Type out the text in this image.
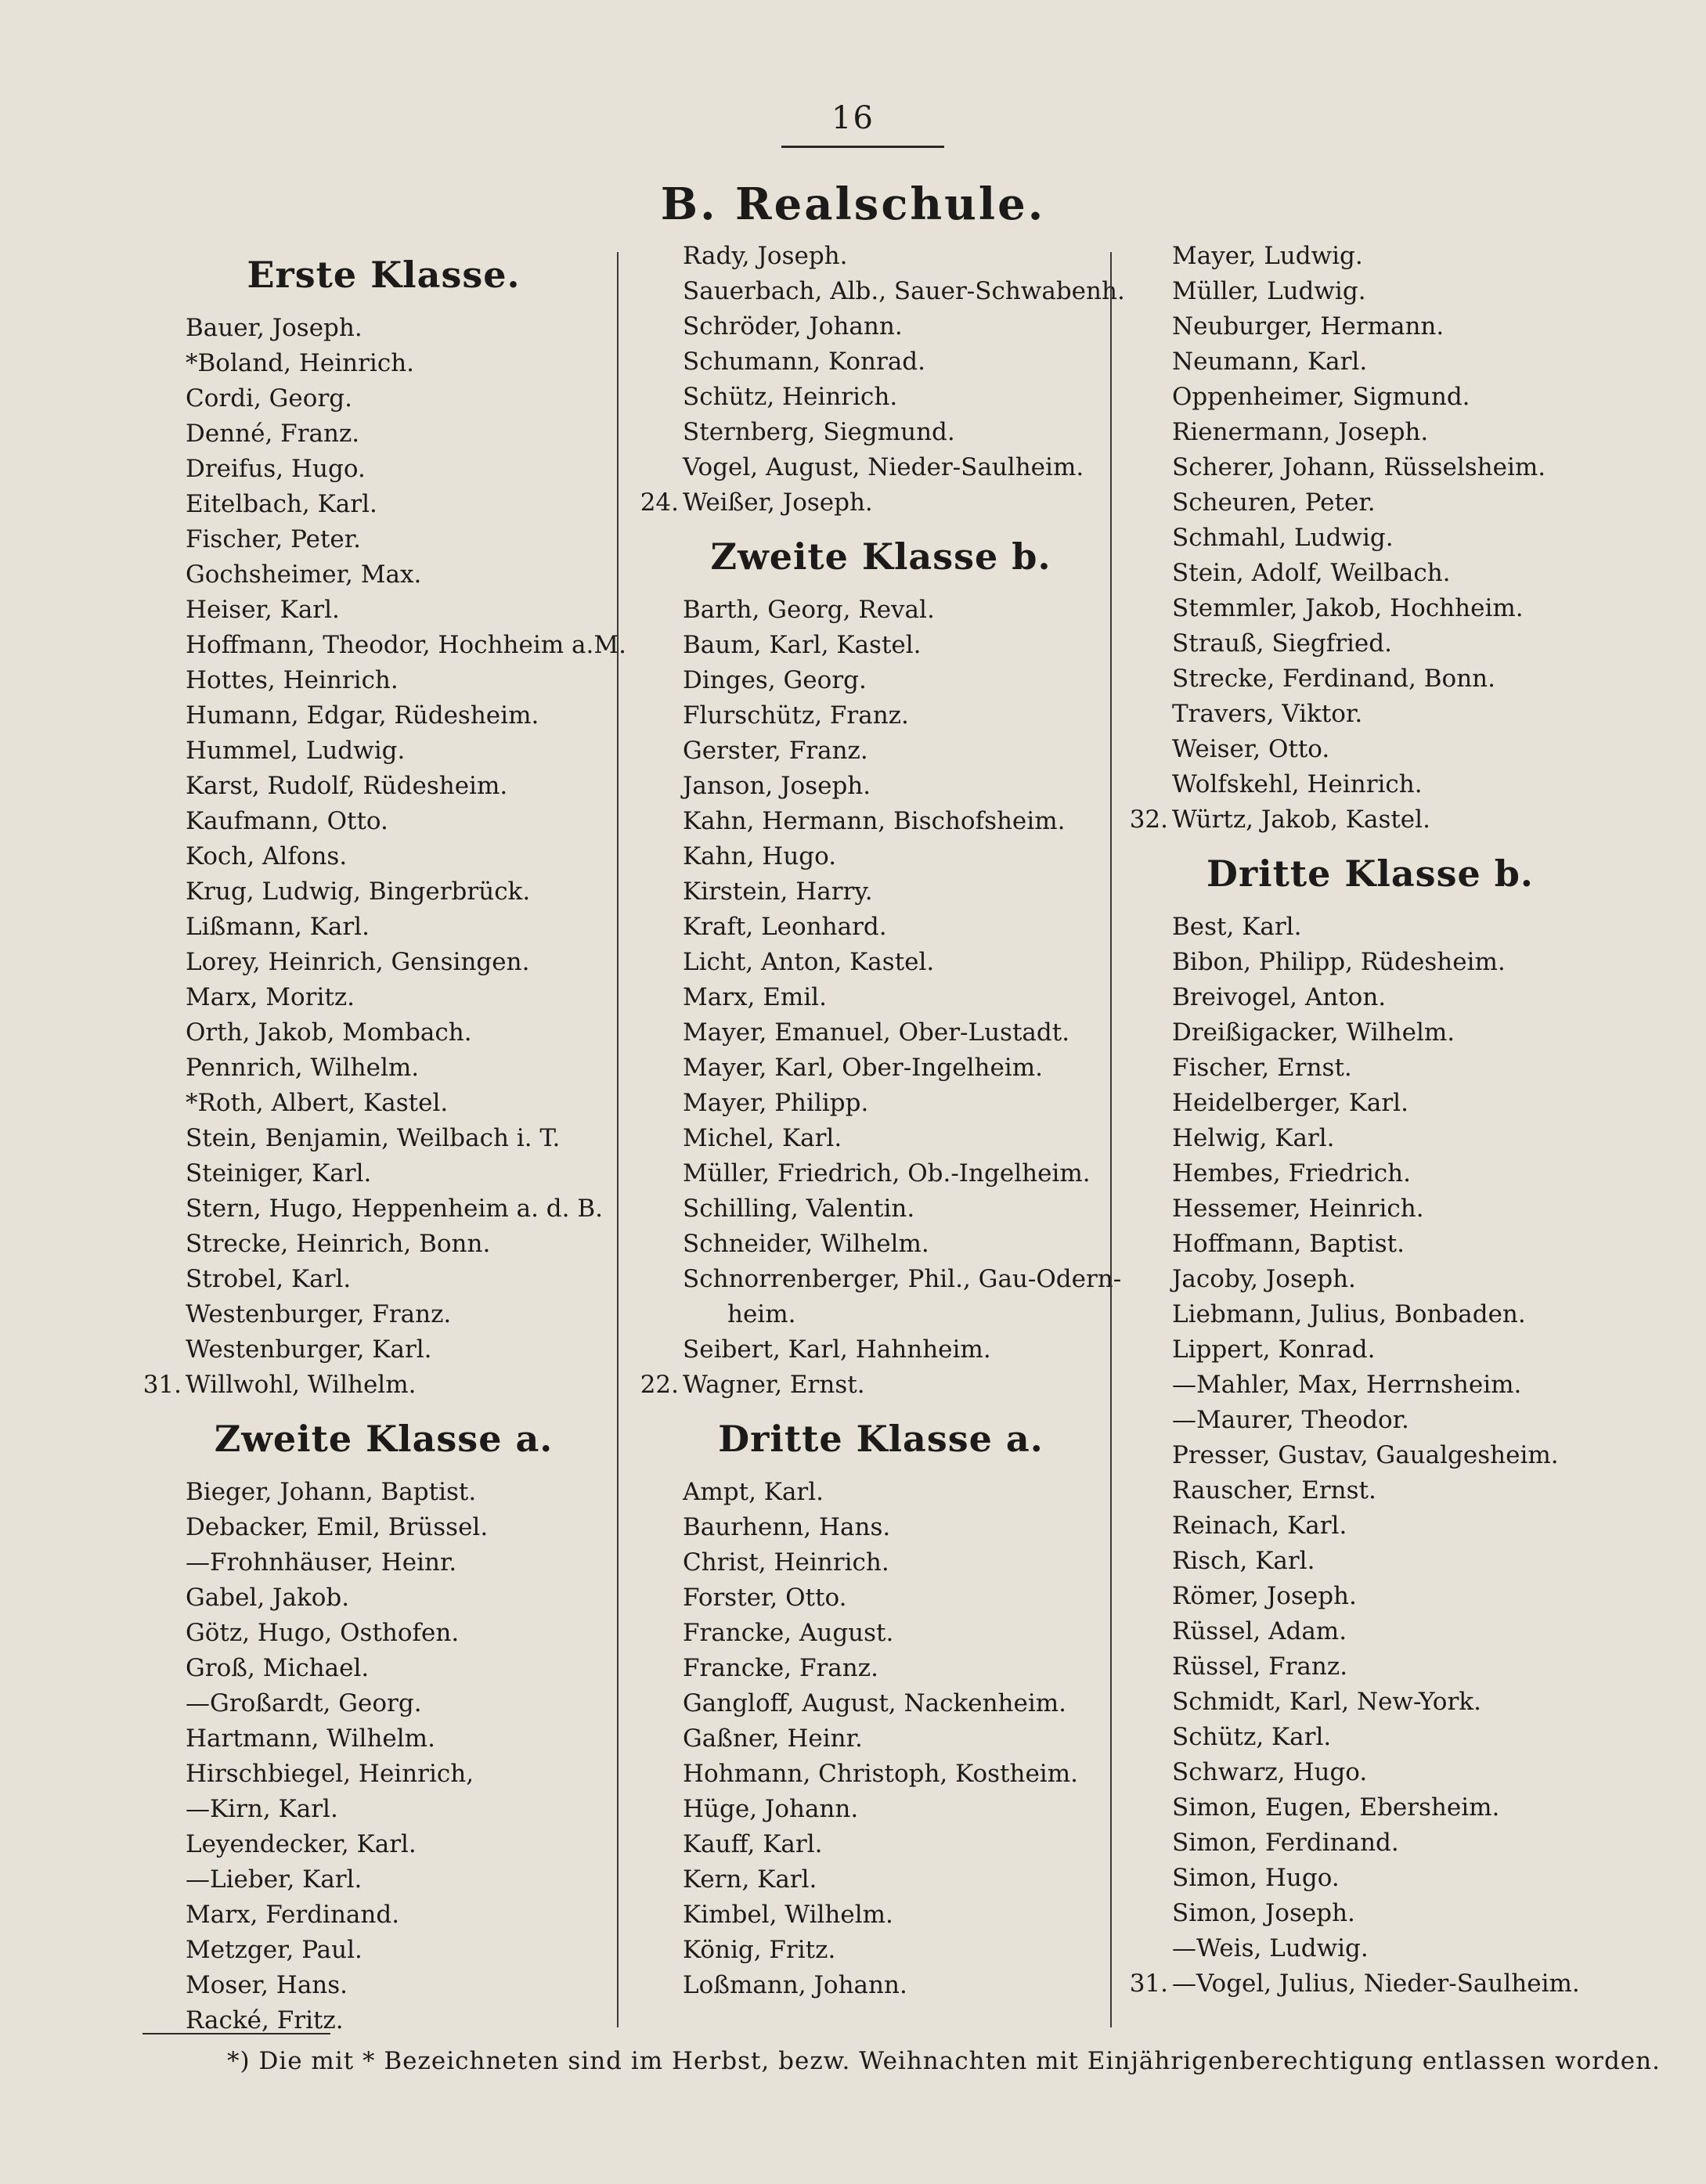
16
B. Realschule.
Erste Klasse.
Bauer, Joseph.
*Boland, Heinrich.
Cordi, Georg.
Denné, Franz.
Dreifus, Hugo.
Eitelbach, Karl.
Fischer, Peter.
Gochsheimer, Max.
Heiser, Karl.
Hoffmann, Theodor, Hochheim a.M.
Hottes, Heinrich.
Humann, Edgar, Rüdesheim.
Hummel, Ludwig.
Karst, Rudolf, Rüdesheim.
Kaufmann, Otto.
Koch, Alfons.
Krug, Ludwig, Bingerbrück.
Lißmann, Karl.
Lorey, Heinrich, Gensingen.
Marx, Moritz.
Orth, Jakob, Mombach.
Pennrich, Wilhelm.
*Roth, Albert, Kastel.
Stein, Benjamin, Weilbach i. T.
Steiniger, Karl.
Stern, Hugo, Heppenheim a. d. B.
Strecke, Heinrich, Bonn.
Strobel, Karl.
Westenburger, Franz.
Westenburger, Karl.
31. Willwohl, Wilhelm.
Zweite Klasse a.
Bieger, Johann, Baptist.
Debacker, Emil, Brüssel.
—Frohnhäuser, Heinr.
Gabel, Jakob.
Götz, Hugo, Osthofen.
Groß, Michael.
—Großardt, Georg.
Hartmann, Wilhelm.
Hirschbiegel, Heinrich,
—Kirn, Karl.
Leyendecker, Karl.
—Lieber, Karl.
Marx, Ferdinand.
Metzger, Paul.
Moser, Hans.
Racké, Fritz.
Rady, Joseph.
Sauerbach, Alb., Sauer-Schwabenh.
Schröder, Johann.
Schumann, Konrad.
Schütz, Heinrich.
Sternberg, Siegmund.
Vogel, August, Nieder-Saulheim.
24. Weißer, Joseph.
Zweite Klasse b.
Barth, Georg, Reval.
Baum, Karl, Kastel.
Dinges, Georg.
Flurschütz, Franz.
Gerster, Franz.
Janson, Joseph.
Kahn, Hermann, Bischofsheim.
Kahn, Hugo.
Kirstein, Harry.
Kraft, Leonhard.
Licht, Anton, Kastel.
Marx, Emil.
Mayer, Emanuel, Ober-Lustadt.
Mayer, Karl, Ober-Ingelheim.
Mayer, Philipp.
Michel, Karl.
Müller, Friedrich, Ob.-Ingelheim.
Schilling, Valentin.
Schneider, Wilhelm.
Schnorrenberger, Phil., Gau-Odern-
heim.
Seibert, Karl, Hahnheim.
22. Wagner, Ernst.
Dritte Klasse a.
Ampt, Karl.
Baurhenn, Hans.
Christ, Heinrich.
Forster, Otto.
Francke, August.
Francke, Franz.
Gangloff, August, Nackenheim.
Gaßner, Heinr.
Hohmann, Christoph, Kostheim.
Hüge, Johann.
Kauff, Karl.
Kern, Karl.
Kimbel, Wilhelm.
König, Fritz.
Loßmann, Johann.
Mayer, Ludwig.
Müller, Ludwig.
Neuburger, Hermann.
Neumann, Karl.
Oppenheimer, Sigmund.
Rienermann, Joseph.
Scherer, Johann, Rüsselsheim.
Scheuren, Peter.
Schmahl, Ludwig.
Stein, Adolf, Weilbach.
Stemmler, Jakob, Hochheim.
Strauß, Siegfried.
Strecke, Ferdinand, Bonn.
Travers, Viktor.
Weiser, Otto.
Wolfskehl, Heinrich.
32. Würtz, Jakob, Kastel.
Dritte Klasse b.
Best, Karl.
Bibon, Philipp, Rüdesheim.
Breivogel, Anton.
Dreißigacker, Wilhelm.
Fischer, Ernst.
Heidelberger, Karl.
Helwig, Karl.
Hembes, Friedrich.
Hessemer, Heinrich.
Hoffmann, Baptist.
Jacoby, Joseph.
Liebmann, Julius, Bonbaden.
Lippert, Konrad.
—Mahler, Max, Herrnsheim.
—Maurer, Theodor.
Presser, Gustav, Gaualgesheim.
Rauscher, Ernst.
Reinach, Karl.
Risch, Karl.
Römer, Joseph.
Rüssel, Adam.
Rüssel, Franz.
Schmidt, Karl, New-York.
Schütz, Karl.
Schwarz, Hugo.
Simon, Eugen, Ebersheim.
Simon, Ferdinand.
Simon, Hugo.
Simon, Joseph.
—Weis, Ludwig.
31. —Vogel, Julius, Nieder-Saulheim.
*) Die mit * Bezeichneten sind im Herbst, bezw. Weihnachten mit Einjährigenberechtigung entlassen worden.
